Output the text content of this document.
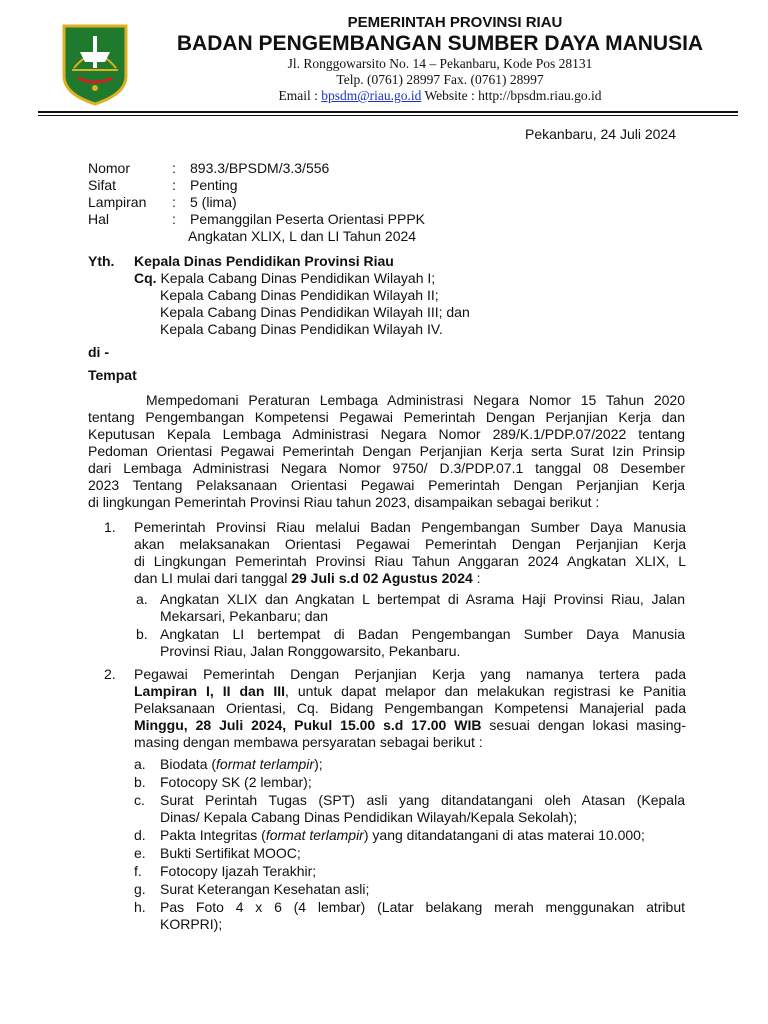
PEMERINTAH PROVINSI RIAU
BADAN PENGEMBANGAN SUMBER DAYA MANUSIA
Jl. Ronggowarsito No. 14 – Pekanbaru, Kode Pos 28131
Telp. (0761) 28997 Fax. (0761) 28997
Email : bpsdm@riau.go.id Website : http://bpsdm.riau.go.id
Pekanbaru, 24 Juli 2024
Nomor	:	893.3/BPSDM/3.3/556
Sifat	:	Penting
Lampiran	:	5 (lima)
Hal	:	Pemanggilan Peserta Orientasi PPPK
Angkatan XLIX, L dan LI Tahun 2024
Yth.	Kepala Dinas Pendidikan Provinsi Riau
Cq. Kepala Cabang Dinas Pendidikan Wilayah I;
Kepala Cabang Dinas Pendidikan Wilayah II;
Kepala Cabang Dinas Pendidikan Wilayah III; dan
Kepala Cabang Dinas Pendidikan Wilayah IV.
di -
Tempat
Mempedomani Peraturan Lembaga Administrasi Negara Nomor 15 Tahun 2020
tentang Pengembangan Kompetensi Pegawai Pemerintah Dengan Perjanjian Kerja dan
Keputusan Kepala Lembaga Administrasi Negara Nomor 289/K.1/PDP.07/2022 tentang
Pedoman Orientasi Pegawai Pemerintah Dengan Perjanjian Kerja serta Surat Izin Prinsip
dari Lembaga Administrasi Negara Nomor 9750/ D.3/PDP.07.1 tanggal 08 Desember
2023 Tentang Pelaksanaan Orientasi Pegawai Pemerintah Dengan Perjanjian Kerja
di lingkungan Pemerintah Provinsi Riau tahun 2023, disampaikan sebagai berikut :
1. Pemerintah Provinsi Riau melalui Badan Pengembangan Sumber Daya Manusia
akan melaksanakan Orientasi Pegawai Pemerintah Dengan Perjanjian Kerja
di Lingkungan Pemerintah Provinsi Riau Tahun Anggaran 2024 Angkatan XLIX, L
dan LI mulai dari tanggal 29 Juli s.d 02 Agustus 2024 :
a. Angkatan XLIX dan Angkatan L bertempat di Asrama Haji Provinsi Riau, Jalan
Mekarsari, Pekanbaru; dan
b. Angkatan LI bertempat di Badan Pengembangan Sumber Daya Manusia
Provinsi Riau, Jalan Ronggowarsito, Pekanbaru.
2. Pegawai Pemerintah Dengan Perjanjian Kerja yang namanya tertera pada
Lampiran I, II dan III, untuk dapat melapor dan melakukan registrasi ke Panitia
Pelaksanaan Orientasi, Cq. Bidang Pengembangan Kompetensi Manajerial pada
Minggu, 28 Juli 2024, Pukul 15.00 s.d 17.00 WIB sesuai dengan lokasi masing-
masing dengan membawa persyaratan sebagai berikut :
a. Biodata (format terlampir);
b. Fotocopy SK (2 lembar);
c. Surat Perintah Tugas (SPT) asli yang ditandatangani oleh Atasan (Kepala
Dinas/ Kepala Cabang Dinas Pendidikan Wilayah/Kepala Sekolah);
d. Pakta Integritas (format terlampir) yang ditandatangani di atas materai 10.000;
e. Bukti Sertifikat MOOC;
f. Fotocopy Ijazah Terakhir;
g. Surat Keterangan Kesehatan asli;
h. Pas Foto 4 x 6 (4 lembar) (Latar belakang merah menggunakan atribut
KORPRI);
